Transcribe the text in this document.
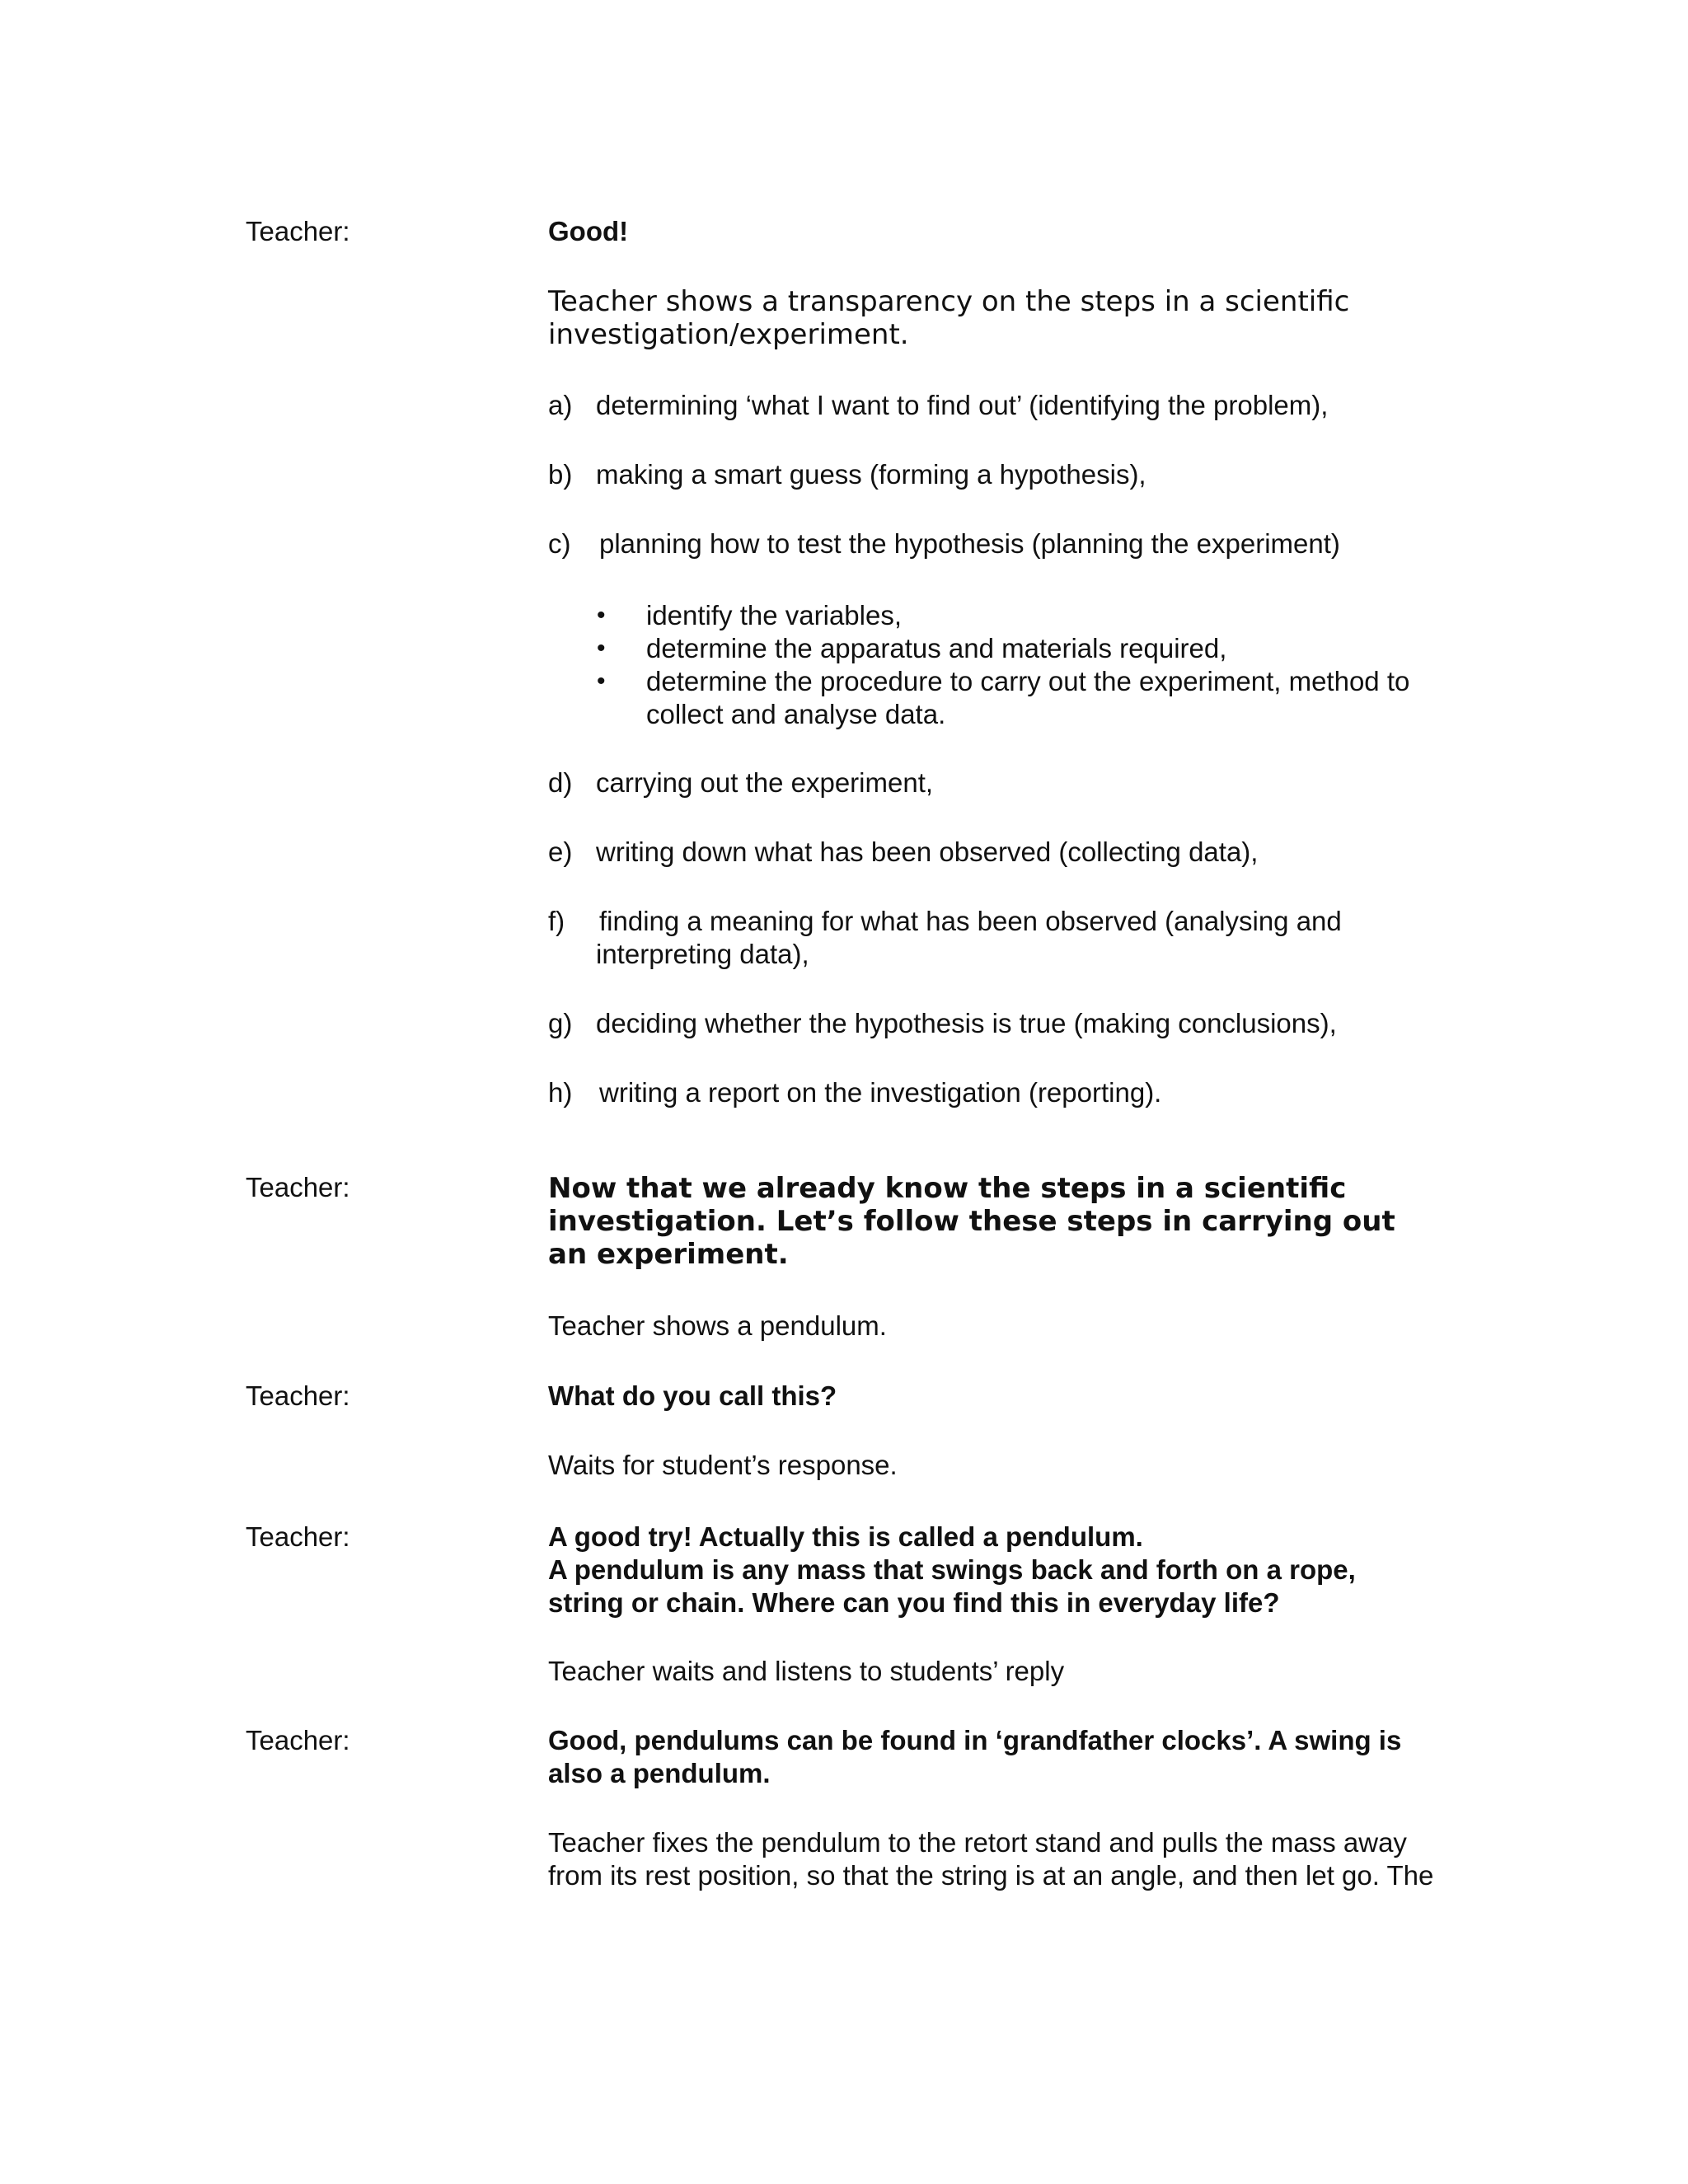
Teacher:	Good!
Teacher shows a transparency on the steps in a scientific investigation/experiment.
a) determining ‘what I want to find out’ (identifying the problem),
b) making a smart guess (forming a hypothesis),
c) planning how to test the hypothesis (planning the experiment)
• identify the variables,
• determine the apparatus and materials required,
• determine the procedure to carry out the experiment, method to collect and analyse data.
d) carrying out the experiment,
e) writing down what has been observed (collecting data),
f) finding a meaning for what has been observed (analysing and interpreting data),
g) deciding whether the hypothesis is true (making conclusions),
h) writing a report on the investigation (reporting).
Teacher:	Now that we already know the steps in a scientific investigation. Let’s follow these steps in carrying out an experiment.
Teacher shows a pendulum.
Teacher:	What do you call this?
Waits for student’s response.
Teacher:	A good try! Actually this is called a pendulum.
A pendulum is any mass that swings back and forth on a rope, string or chain. Where can you find this in everyday life?
Teacher waits and listens to students’ reply
Teacher:	Good, pendulums can be found in ‘grandfather clocks’. A swing is also a pendulum.
Teacher fixes the pendulum to the retort stand and pulls the mass away from its rest position, so that the string is at an angle, and then let go. The
